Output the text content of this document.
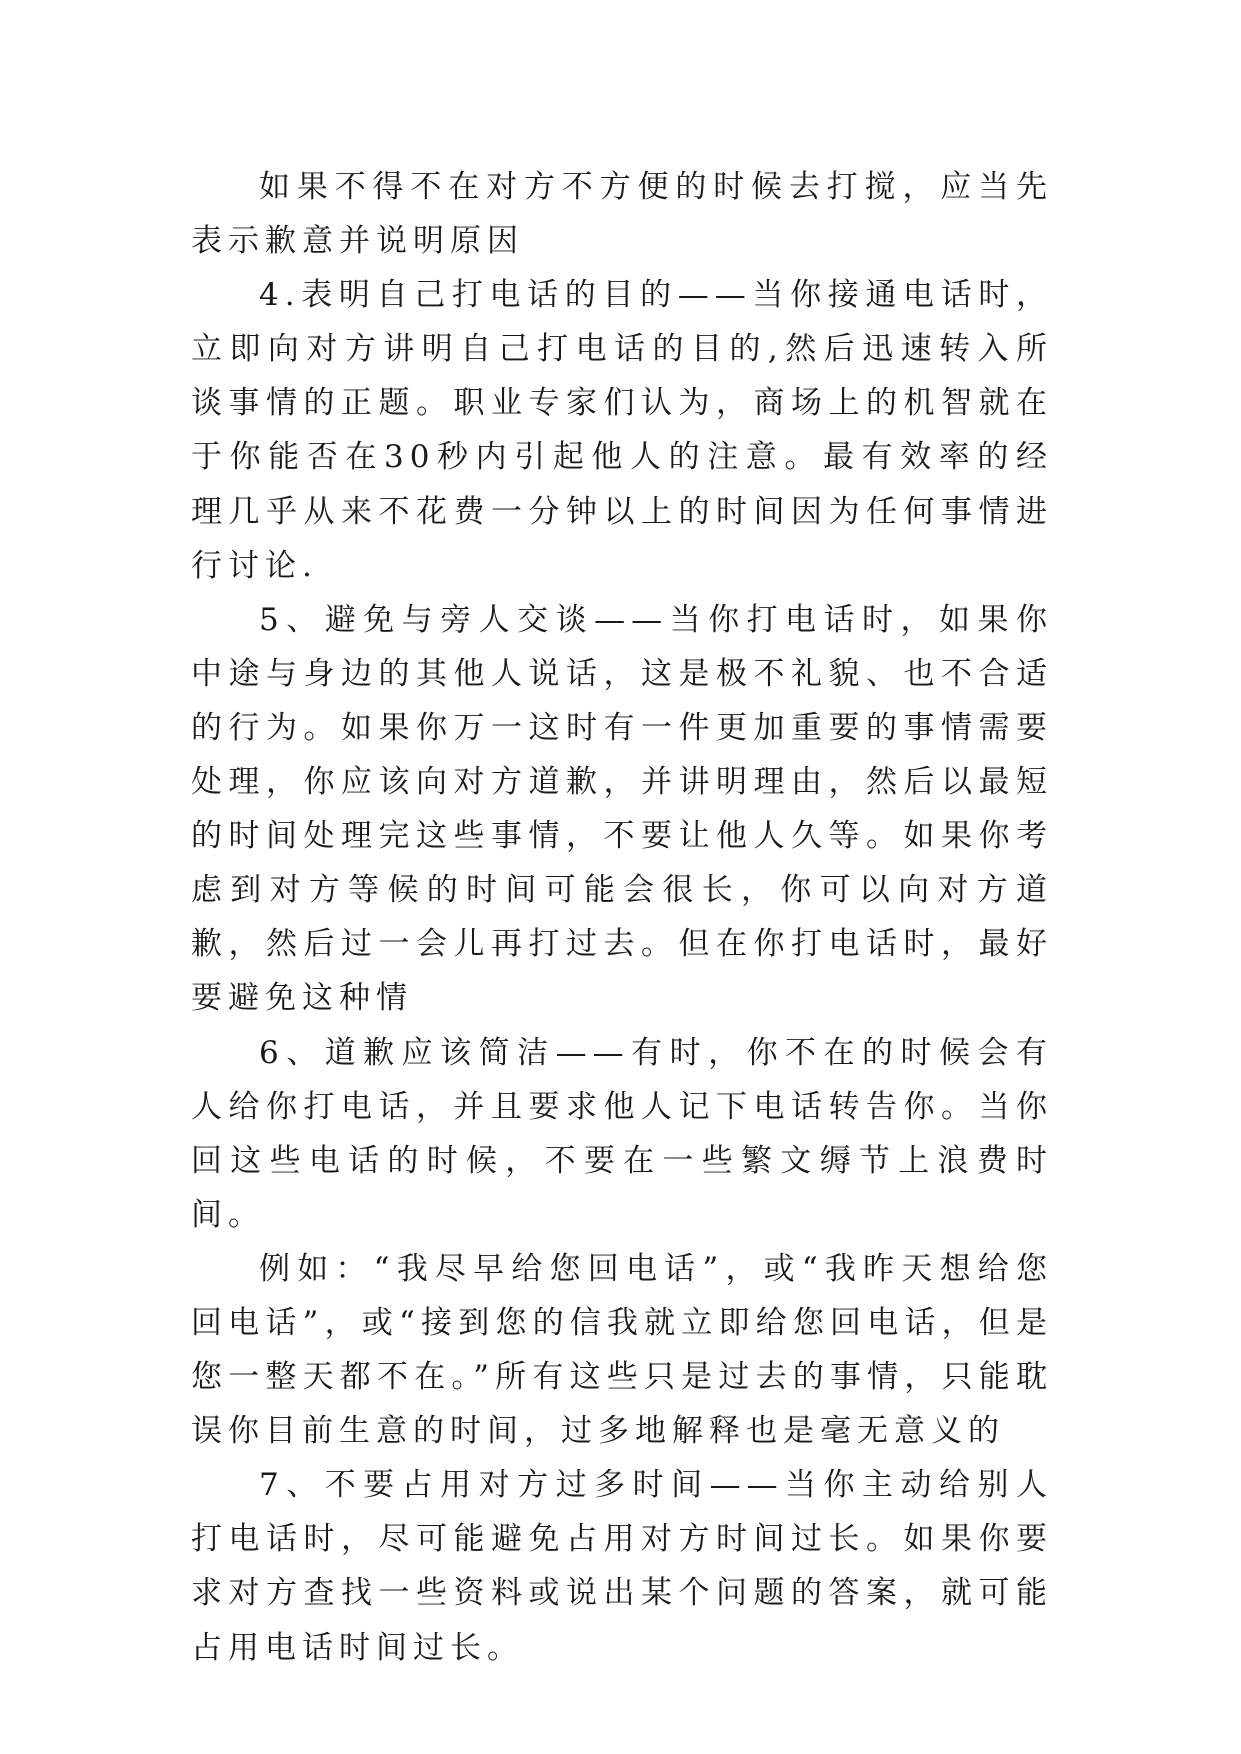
如果不得不在对方不方便的时候去打搅，应当先表示歉意并说明原因

4.表明自己打电话的目的——当你接通电话时，立即向对方讲明自己打电话的目的,然后迅速转入所谈事情的正题。职业专家们认为，商场上的机智就在于你能否在30秒内引起他人的注意。最有效率的经理几乎从来不花费一分钟以上的时间因为任何事情进行讨论.

5、避免与旁人交谈——当你打电话时，如果你中途与身边的其他人说话，这是极不礼貌、也不合适的行为。如果你万一这时有一件更加重要的事情需要处理，你应该向对方道歉，并讲明理由，然后以最短的时间处理完这些事情，不要让他人久等。如果你考虑到对方等候的时间可能会很长，你可以向对方道歉，然后过一会儿再打过去。但在你打电话时，最好要避免这种情

6、道歉应该简洁——有时，你不在的时候会有人给你打电话，并且要求他人记下电话转告你。当你回这些电话的时候，不要在一些繁文缛节上浪费时间。

例如：“我尽早给您回电话”，或“我昨天想给您回电话”，或“接到您的信我就立即给您回电话，但是您一整天都不在。”所有这些只是过去的事情，只能耽误你目前生意的时间，过多地解释也是毫无意义的

7、不要占用对方过多时间——当你主动给别人打电话时，尽可能避免占用对方时间过长。如果你要求对方查找一些资料或说出某个问题的答案，就可能占用电话时间过长。
